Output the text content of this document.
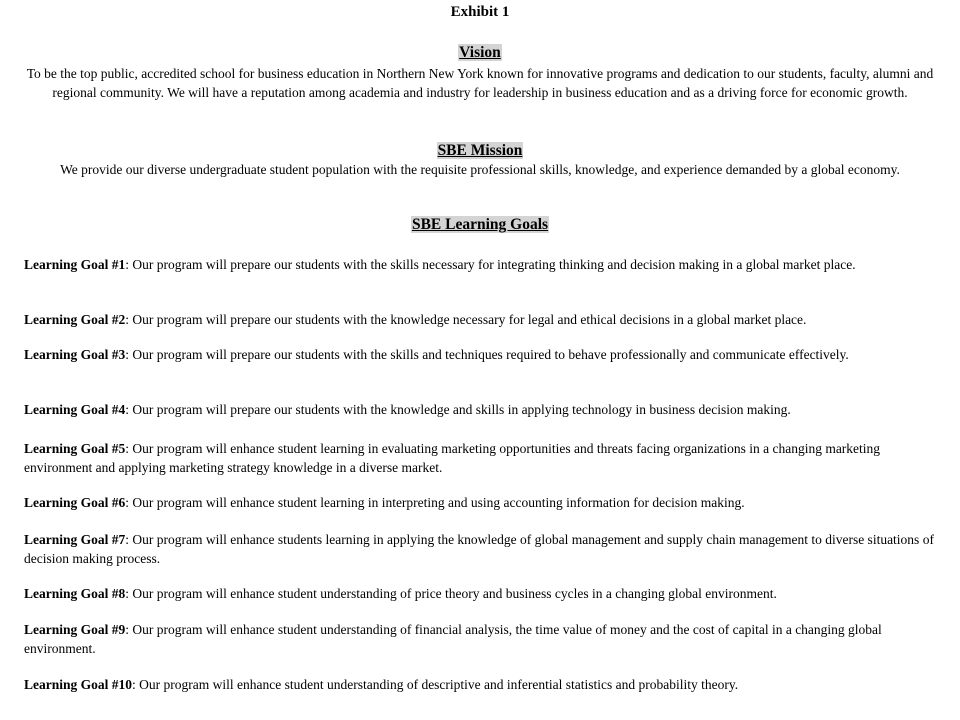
Exhibit 1
Vision
To be the top public, accredited school for business education in Northern New York known for innovative programs and dedication to our students, faculty, alumni and regional community. We will have a reputation among academia and industry for leadership in business education and as a driving force for economic growth.
SBE Mission
We provide our diverse undergraduate student population with the requisite professional skills, knowledge, and experience demanded by a global economy.
SBE Learning Goals
Learning Goal #1: Our program will prepare our students with the skills necessary for integrating thinking and decision making in a global market place.
Learning Goal #2: Our program will prepare our students with the knowledge necessary for legal and ethical decisions in a global market place.
Learning Goal #3: Our program will prepare our students with the skills and techniques required to behave professionally and communicate effectively.
Learning Goal #4: Our program will prepare our students with the knowledge and skills in applying technology in business decision making.
Learning Goal #5: Our program will enhance student learning in evaluating marketing opportunities and threats facing organizations in a changing marketing environment and applying marketing strategy knowledge in a diverse market.
Learning Goal #6: Our program will enhance student learning in interpreting and using accounting information for decision making.
Learning Goal #7: Our program will enhance students learning in applying the knowledge of global management and supply chain management to diverse situations of decision making process.
Learning Goal #8: Our program will enhance student understanding of price theory and business cycles in a changing global environment.
Learning Goal #9: Our program will enhance student understanding of financial analysis, the time value of money and the cost of capital in a changing global environment.
Learning Goal #10: Our program will enhance student understanding of descriptive and inferential statistics and probability theory.
